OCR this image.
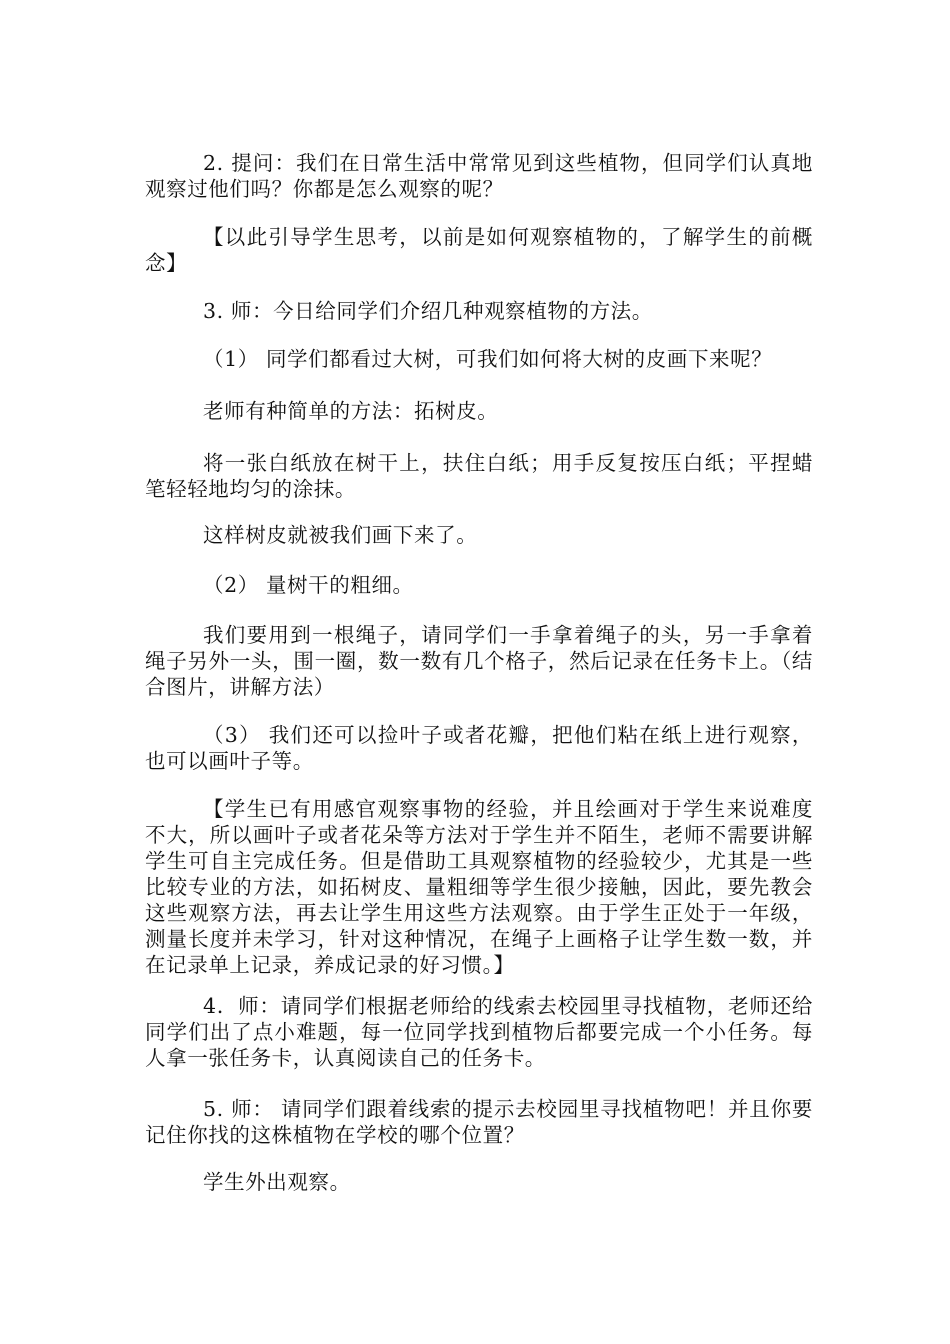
2. 提问：我们在日常生活中常常见到这些植物，但同学们认真地观察过他们吗？你都是怎么观察的呢？

【以此引导学生思考，以前是如何观察植物的，了解学生的前概念】

3. 师：今日给同学们介绍几种观察植物的方法。

（1） 同学们都看过大树，可我们如何将大树的皮画下来呢？

老师有种简单的方法：拓树皮。

将一张白纸放在树干上，扶住白纸；用手反复按压白纸；平捏蜡笔轻轻地均匀的涂抹。

这样树皮就被我们画下来了。

（2） 量树干的粗细。

我们要用到一根绳子，请同学们一手拿着绳子的头，另一手拿着绳子另外一头，围一圈，数一数有几个格子，然后记录在任务卡上。（结合图片，讲解方法）

（3） 我们还可以捡叶子或者花瓣，把他们粘在纸上进行观察，也可以画叶子等。

【学生已有用感官观察事物的经验，并且绘画对于学生来说难度不大，所以画叶子或者花朵等方法对于学生并不陌生，老师不需要讲解学生可自主完成任务。但是借助工具观察植物的经验较少，尤其是一些比较专业的方法，如拓树皮、量粗细等学生很少接触，因此，要先教会这些观察方法，再去让学生用这些方法观察。由于学生正处于一年级，测量长度并未学习，针对这种情况，在绳子上画格子让学生数一数，并在记录单上记录，养成记录的好习惯。】

4．师：请同学们根据老师给的线索去校园里寻找植物，老师还给同学们出了点小难题，每一位同学找到植物后都要完成一个小任务。每人拿一张任务卡，认真阅读自己的任务卡。

5. 师： 请同学们跟着线索的提示去校园里寻找植物吧！并且你要记住你找的这株植物在学校的哪个位置？

学生外出观察。
